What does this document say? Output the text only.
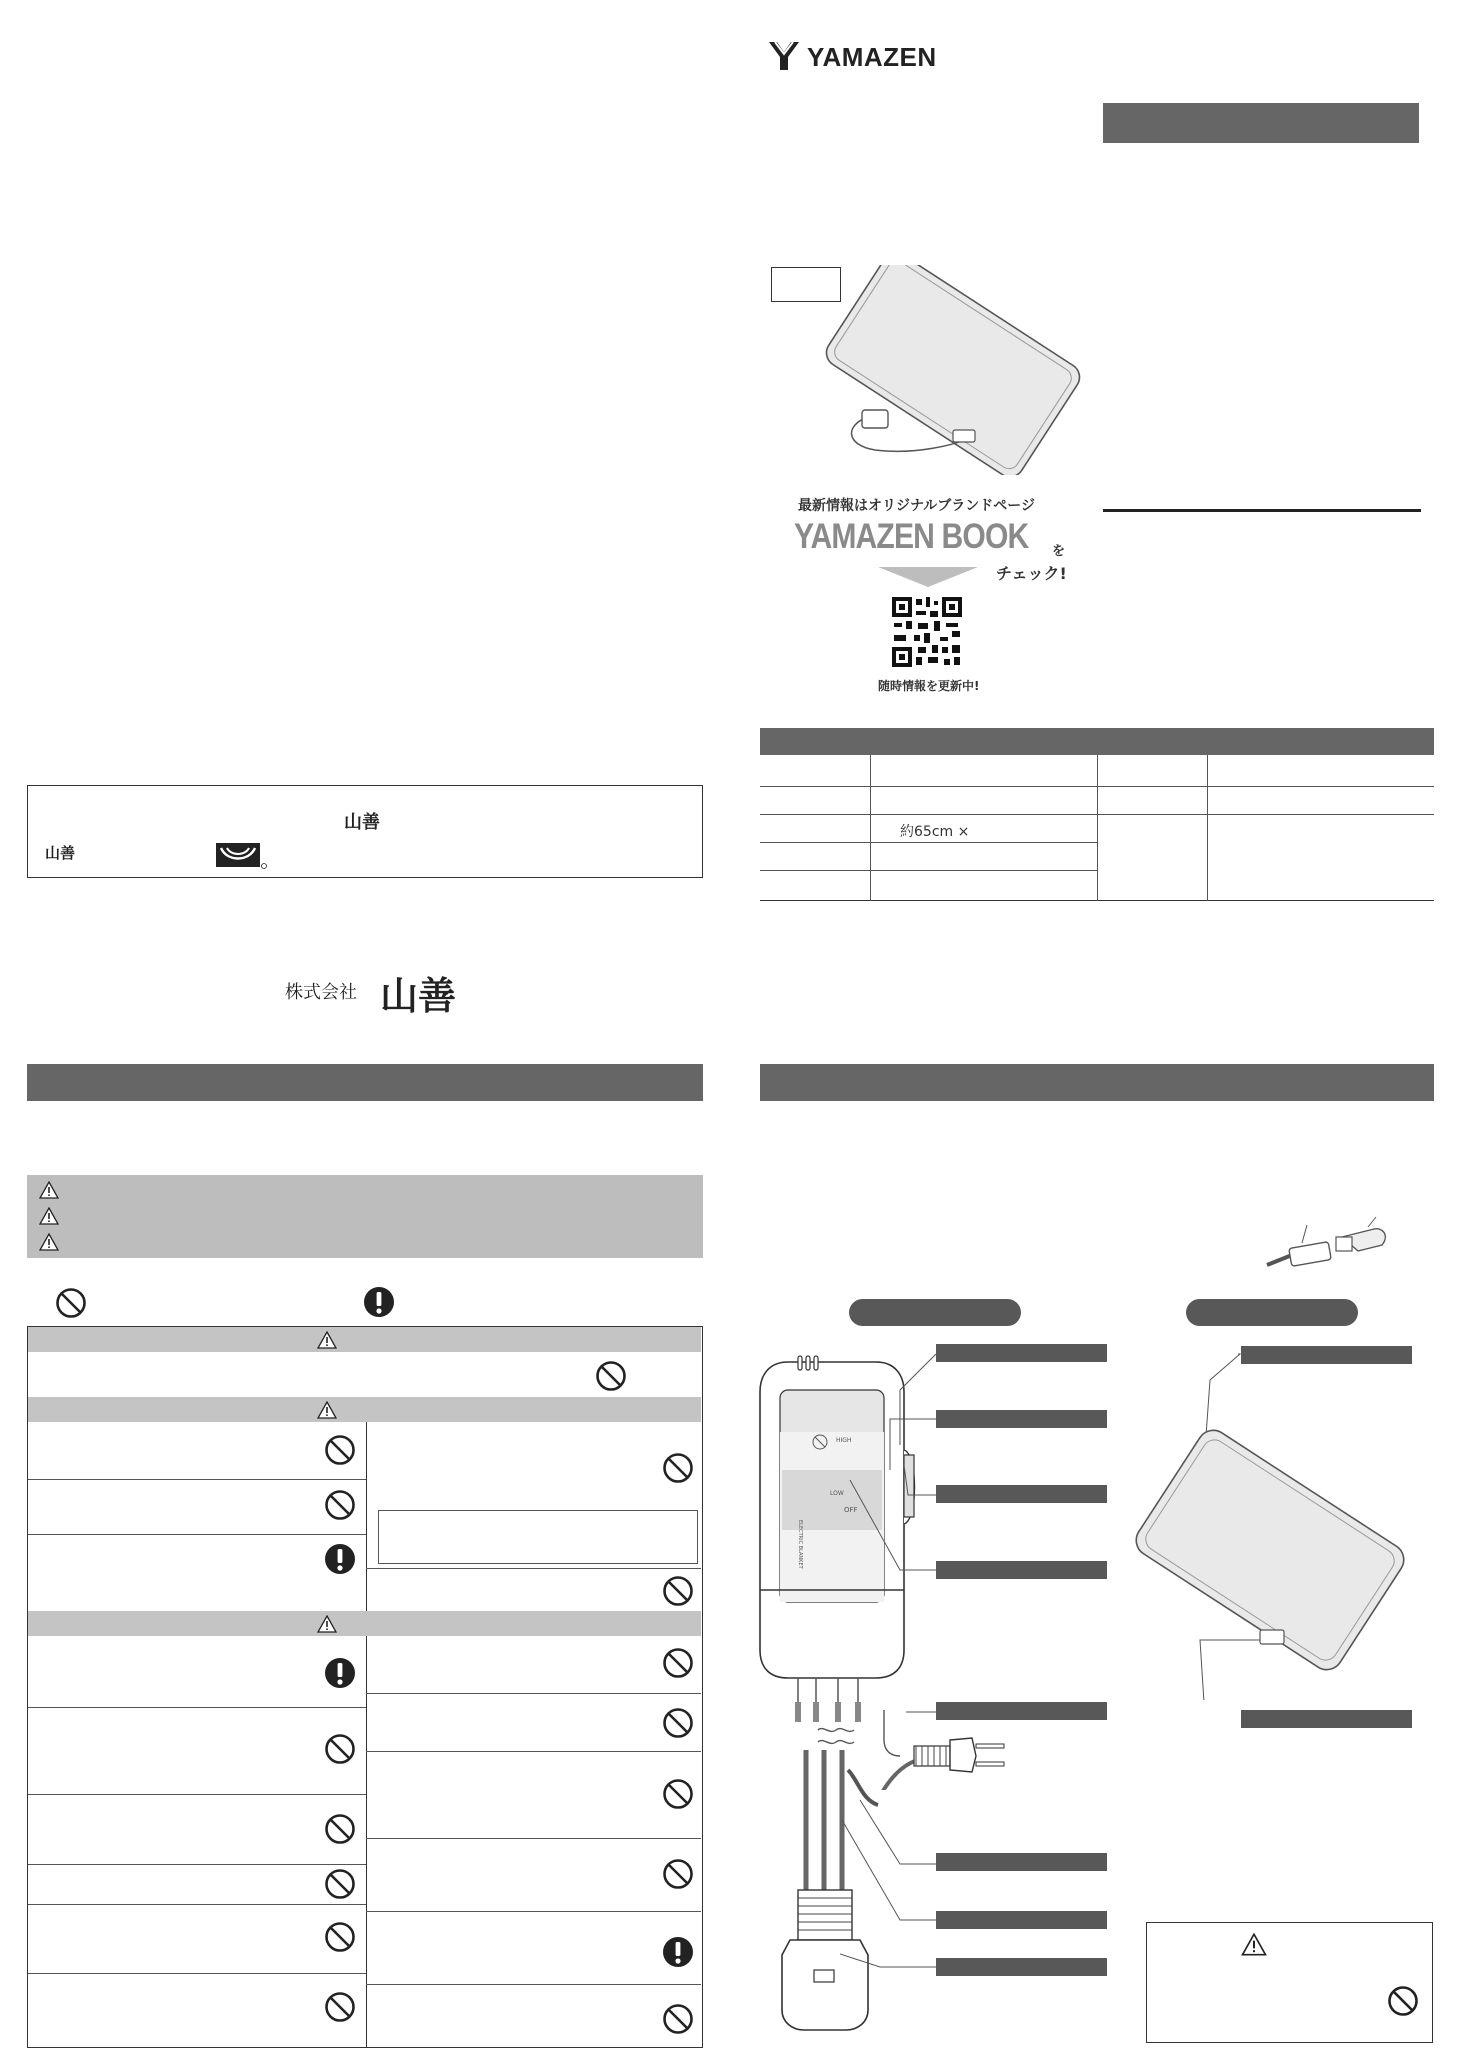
YAMAZEN
最新情報はオリジナルブランドページ
YAMAZEN BOOK を
チェック!
随時情報を更新中!
約65cm ×
山善
山善
株式会社 山善
HIGH
LOW
OFF
ELECTRIC BLANKET
